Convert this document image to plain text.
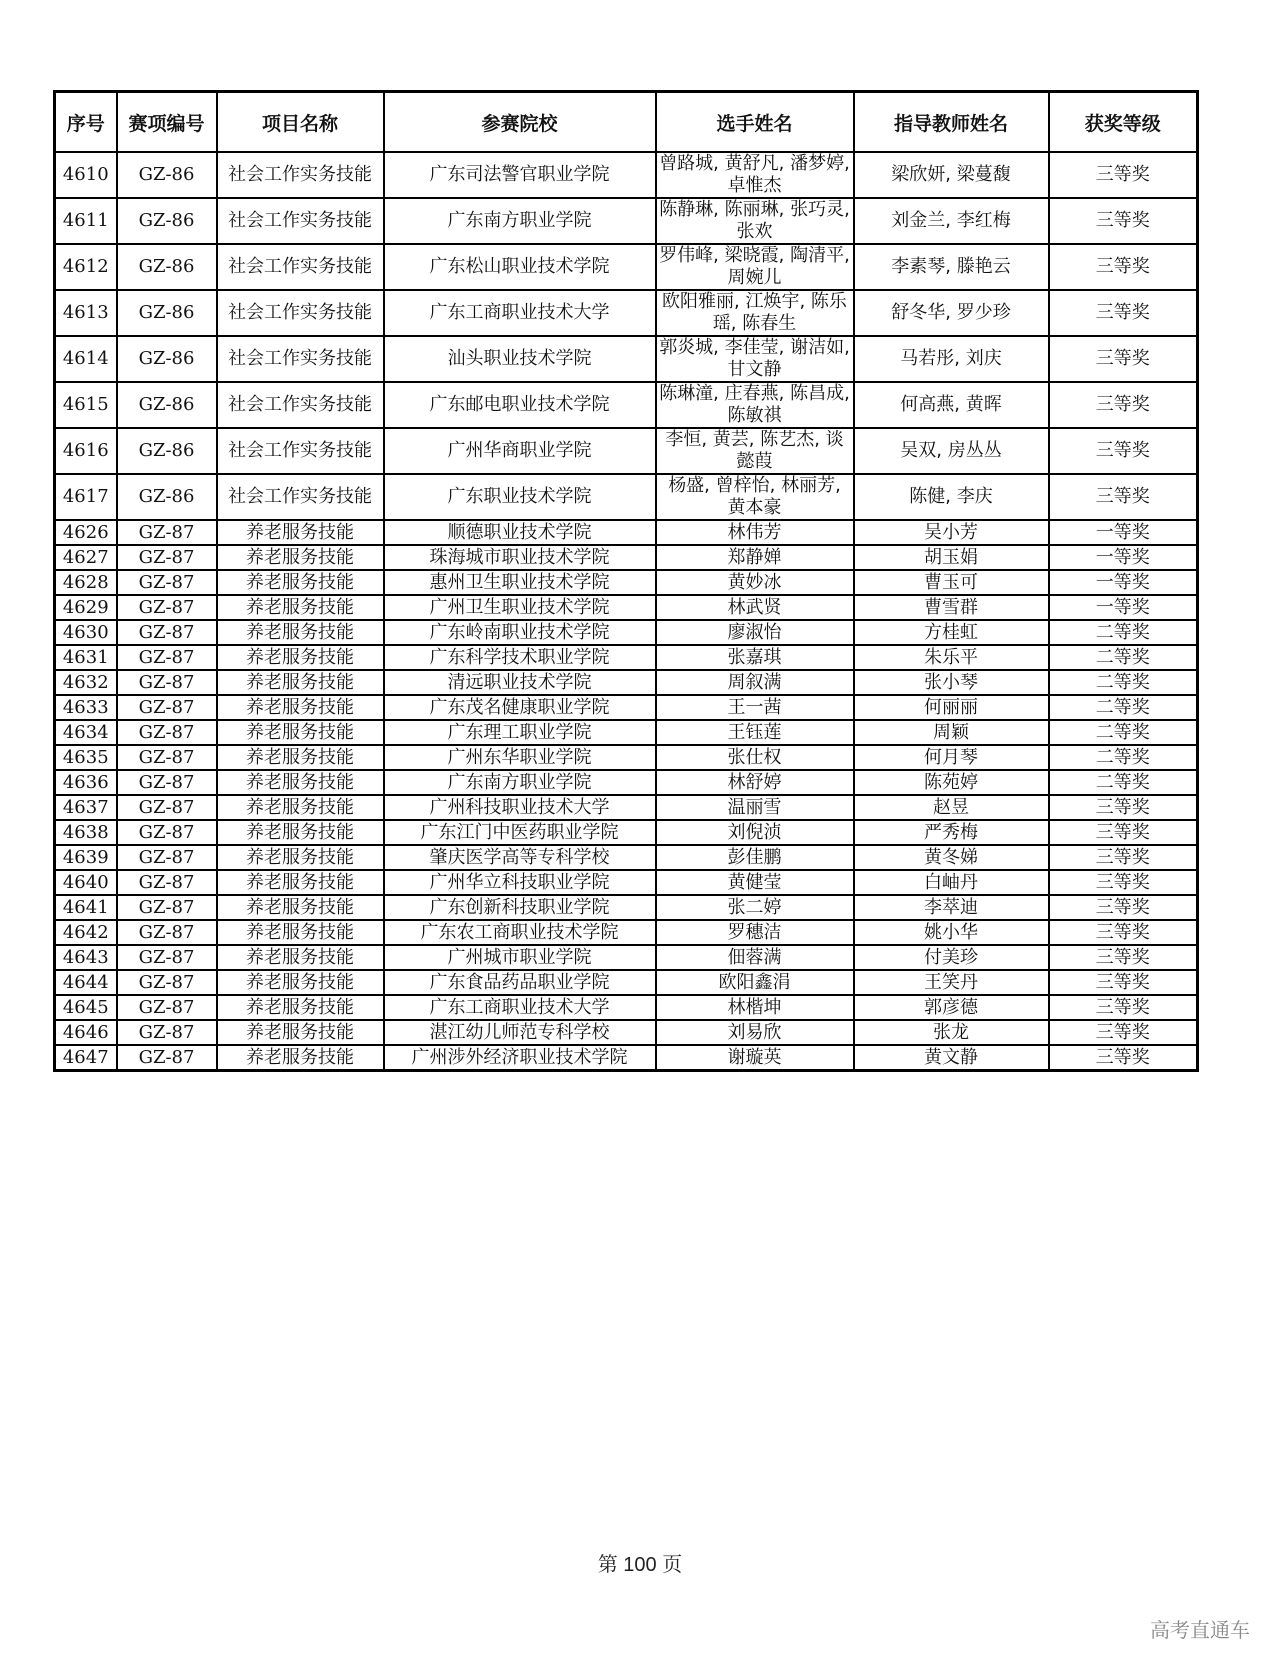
序号	赛项编号	项目名称	参赛院校	选手姓名	指导教师姓名	获奖等级
4610	GZ-86	社会工作实务技能	广东司法警官职业学院	曾路城, 黄舒凡, 潘梦婷, 卓惟杰	梁欣妍, 梁蔓馥	三等奖
4611	GZ-86	社会工作实务技能	广东南方职业学院	陈静琳, 陈丽琳, 张巧灵, 张欢	刘金兰, 李红梅	三等奖
4612	GZ-86	社会工作实务技能	广东松山职业技术学院	罗伟峰, 梁晓霞, 陶清平, 周婉儿	李素琴, 滕艳云	三等奖
4613	GZ-86	社会工作实务技能	广东工商职业技术大学	欧阳雅丽, 江焕宇, 陈乐瑶, 陈春生	舒冬华, 罗少珍	三等奖
4614	GZ-86	社会工作实务技能	汕头职业技术学院	郭炎城, 李佳莹, 谢洁如, 甘文静	马若彤, 刘庆	三等奖
4615	GZ-86	社会工作实务技能	广东邮电职业技术学院	陈琳潼, 庄春燕, 陈昌成, 陈敏祺	何高燕, 黄晖	三等奖
4616	GZ-86	社会工作实务技能	广州华商职业学院	李恒, 黄芸, 陈艺杰, 谈懿葭	吴双, 房丛丛	三等奖
4617	GZ-86	社会工作实务技能	广东职业技术学院	杨盛, 曾梓怡, 林丽芳, 黄本豪	陈健, 李庆	三等奖
4626	GZ-87	养老服务技能	顺德职业技术学院	林伟芳	吴小芳	一等奖
4627	GZ-87	养老服务技能	珠海城市职业技术学院	郑静婵	胡玉娟	一等奖
4628	GZ-87	养老服务技能	惠州卫生职业技术学院	黄妙冰	曹玉可	一等奖
4629	GZ-87	养老服务技能	广州卫生职业技术学院	林武贤	曹雪群	一等奖
4630	GZ-87	养老服务技能	广东岭南职业技术学院	廖淑怡	方桂虹	二等奖
4631	GZ-87	养老服务技能	广东科学技术职业学院	张嘉琪	朱乐平	二等奖
4632	GZ-87	养老服务技能	清远职业技术学院	周叙满	张小琴	二等奖
4633	GZ-87	养老服务技能	广东茂名健康职业学院	王一茜	何丽丽	二等奖
4634	GZ-87	养老服务技能	广东理工职业学院	王钰莲	周颖	二等奖
4635	GZ-87	养老服务技能	广州东华职业学院	张仕权	何月琴	二等奖
4636	GZ-87	养老服务技能	广东南方职业学院	林舒婷	陈苑婷	二等奖
4637	GZ-87	养老服务技能	广州科技职业技术大学	温丽雪	赵昱	三等奖
4638	GZ-87	养老服务技能	广东江门中医药职业学院	刘倪浈	严秀梅	三等奖
4639	GZ-87	养老服务技能	肇庆医学高等专科学校	彭佳鹏	黄冬娣	三等奖
4640	GZ-87	养老服务技能	广州华立科技职业学院	黄健莹	白岫丹	三等奖
4641	GZ-87	养老服务技能	广东创新科技职业学院	张二婷	李萃迪	三等奖
4642	GZ-87	养老服务技能	广东农工商职业技术学院	罗穗洁	姚小华	三等奖
4643	GZ-87	养老服务技能	广州城市职业学院	佃蓉满	付美珍	三等奖
4644	GZ-87	养老服务技能	广东食品药品职业学院	欧阳鑫涓	王笑丹	三等奖
4645	GZ-87	养老服务技能	广东工商职业技术大学	林楷坤	郭彦德	三等奖
4646	GZ-87	养老服务技能	湛江幼儿师范专科学校	刘易欣	张龙	三等奖
4647	GZ-87	养老服务技能	广州涉外经济职业技术学院	谢璇英	黄文静	三等奖
第 100 页
高考直通车
